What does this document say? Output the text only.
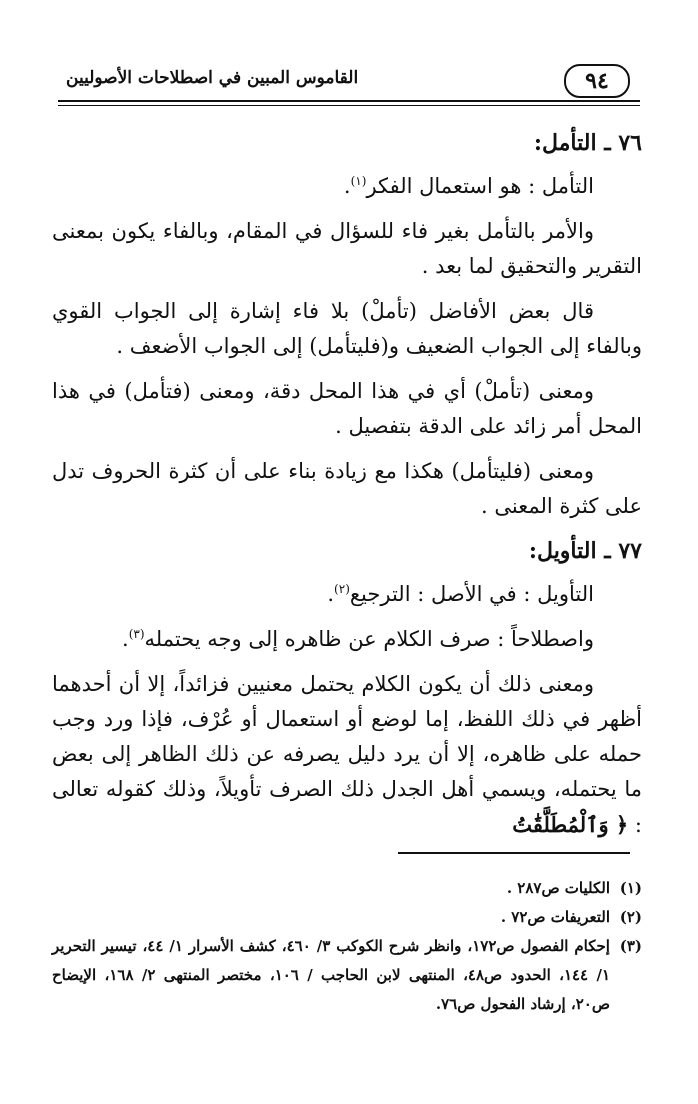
٩٤
القاموس المبين في اصطلاحات الأصوليين
٧٦ ـ التأمل:

التأمل : هو استعمال الفكر$^{(١)}$.

والأمر بالتأمل بغير فاء للسؤال في المقام، وبالفاء يكون بمعنى التقرير والتحقيق لما بعد .

قال بعض الأفاضل (تأملْ) بلا فاء إشارة إلى الجواب القوي وبالفاء إلى الجواب الضعيف و(فليتأمل) إلى الجواب الأضعف .

ومعنى (تأملْ) أي في هذا المحل دقة، ومعنى (فتأمل) في هذا المحل أمر زائد على الدقة بتفصيل .

ومعنى (فليتأمل) هكذا مع زيادة بناء على أن كثرة الحروف تدل على كثرة المعنى .

٧٧ ـ التأويل:

التأويل : في الأصل : الترجيع$^{(٢)}$.

واصطلاحاً : صرف الكلام عن ظاهره إلى وجه يحتمله$^{(٣)}$.

ومعنى ذلك أن يكون الكلام يحتمل معنيين فزائداً، إلا أن أحدهما أظهر في ذلك اللفظ، إما لوضع أو استعمال أو عُرْف، فإذا ورد وجب حمله على ظاهره، إلا أن يرد دليل يصرفه عن ذلك الظاهر إلى بعض ما يحتمله، ويسمي أهل الجدل ذلك الصرف تأويلاً، وذلك كقوله تعالى : ﴿ وَٱلْمُطَلَّقَٰتُ

(١)
الكليات ص٢٨٧ .
(٢)
التعريفات ص٧٢ .
(٣)
إحكام الفصول ص١٧٢، وانظر شرح الكوكب ٣/ ٤٦٠، كشف الأسرار ١/ ٤٤، تيسير التحرير ١/ ١٤٤، الحدود ص٤٨، المنتهى لابن الحاجب / ١٠٦، مختصر المنتهى ٢/ ١٦٨، الإيضاح ص٢٠، إرشاد الفحول ص٧٦.
